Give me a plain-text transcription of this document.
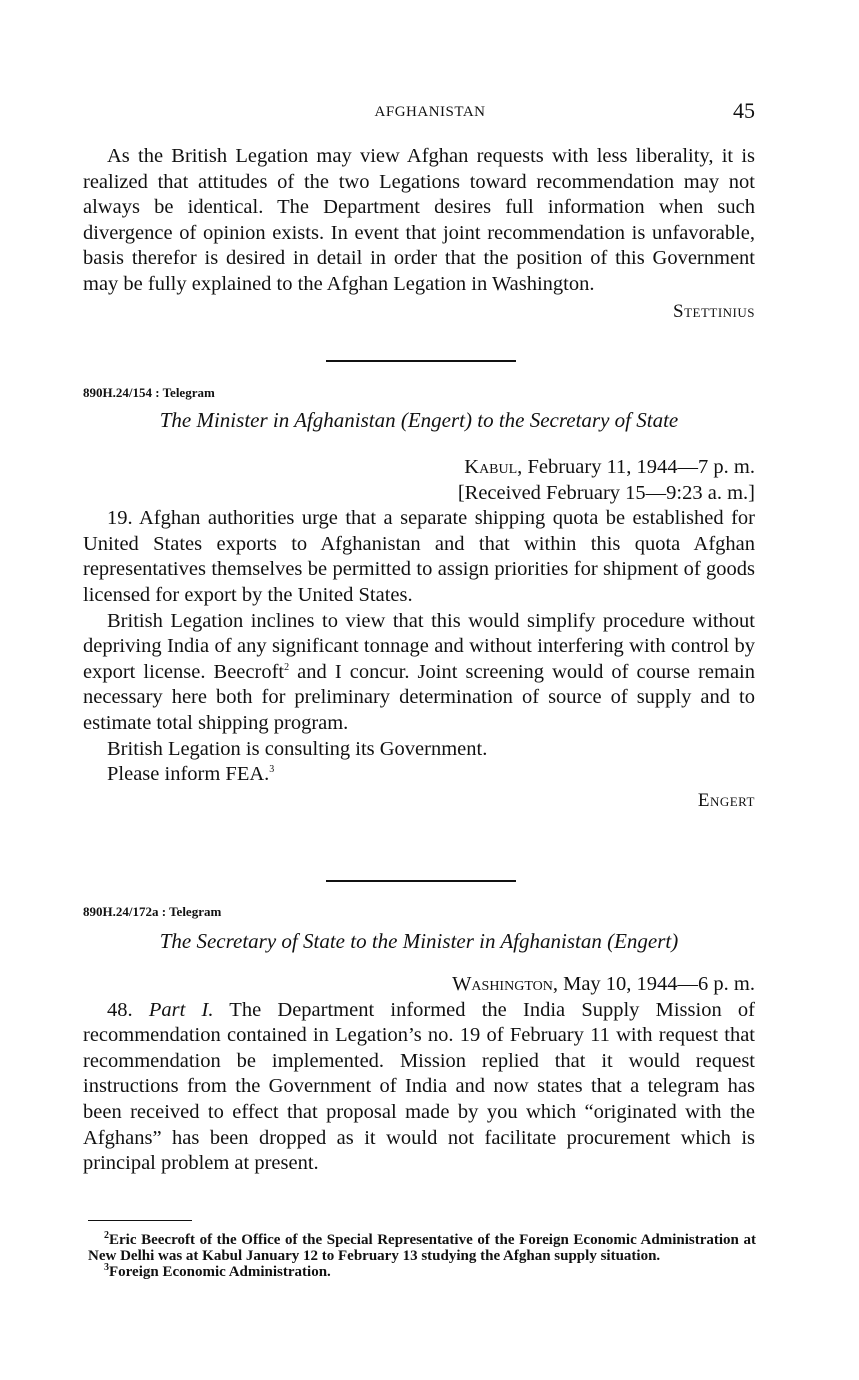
AFGHANISTAN	45

As the British Legation may view Afghan requests with less liberality, it is realized that attitudes of the two Legations toward recommendation may not always be identical. The Department desires full information when such divergence of opinion exists. In event that joint recommendation is unfavorable, basis therefor is desired in detail in order that the position of this Government may be fully explained to the Afghan Legation in Washington.

Stettinius
890H.24/154 : Telegram
The Minister in Afghanistan (Engert) to the Secretary of State
Kabul, February 11, 1944—7 p. m.
[Received February 15—9:23 a. m.]

19. Afghan authorities urge that a separate shipping quota be established for United States exports to Afghanistan and that within this quota Afghan representatives themselves be permitted to assign priorities for shipment of goods licensed for export by the United States.

British Legation inclines to view that this would simplify procedure without depriving India of any significant tonnage and without interfering with control by export license. Beecroft$^2$ and I concur. Joint screening would of course remain necessary here both for preliminary determination of source of supply and to estimate total shipping program.

British Legation is consulting its Government.

Please inform FEA.$^3$

Engert
890H.24/172a : Telegram
The Secretary of State to the Minister in Afghanistan (Engert)
Washington, May 10, 1944—6 p. m.

48. Part I. The Department informed the India Supply Mission of recommendation contained in Legation’s no. 19 of February 11 with request that recommendation be implemented. Mission replied that it would request instructions from the Government of India and now states that a telegram has been received to effect that proposal made by you which “originated with the Afghans” has been dropped as it would not facilitate procurement which is principal problem at present.

$^2$Eric Beecroft of the Office of the Special Representative of the Foreign Economic Administration at New Delhi was at Kabul January 12 to February 13 studying the Afghan supply situation.

$^3$Foreign Economic Administration.
